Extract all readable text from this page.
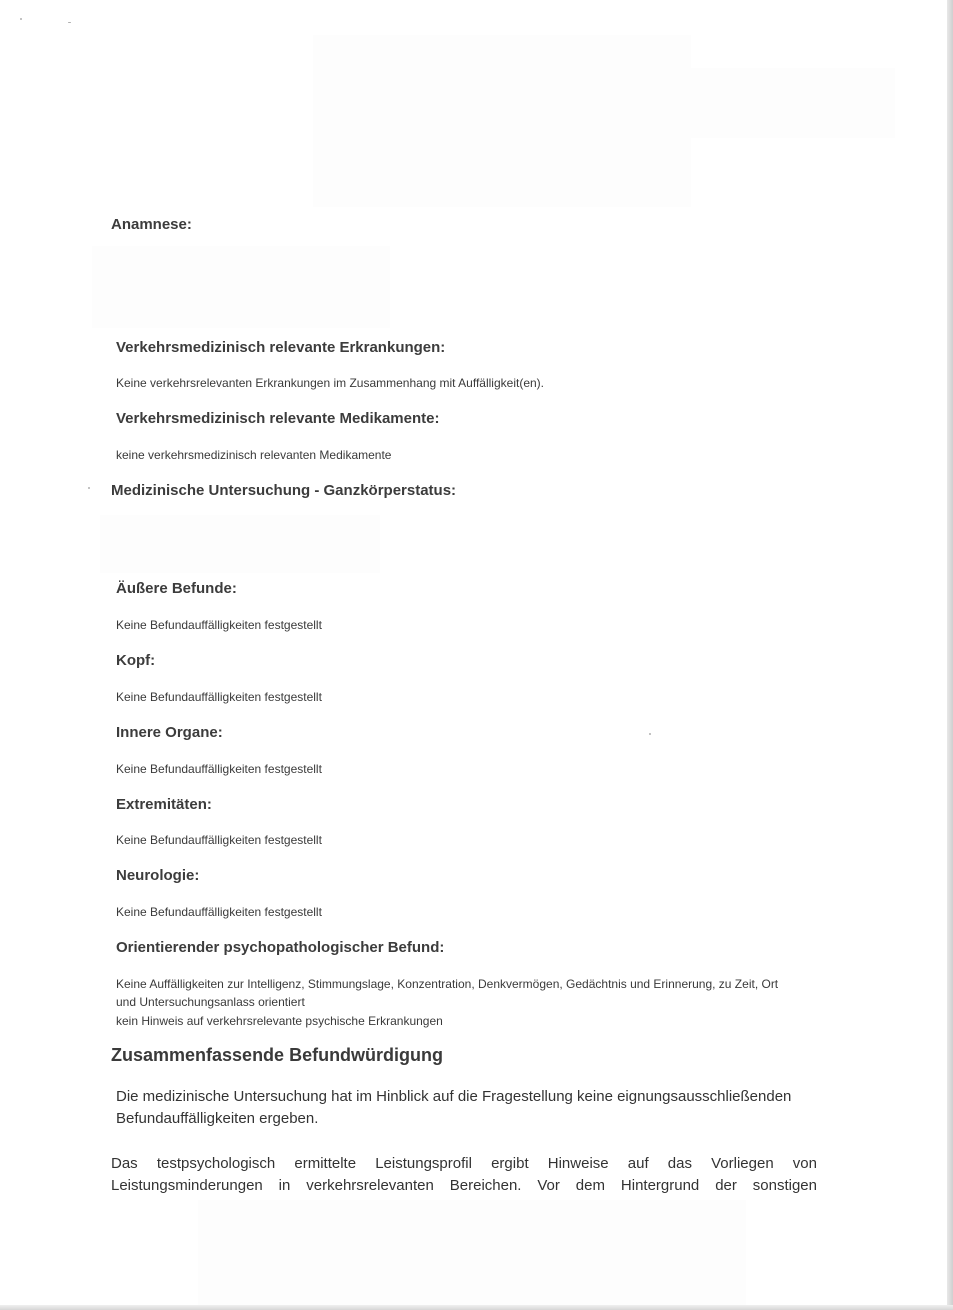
Anamnese:
Verkehrsmedizinisch relevante Erkrankungen:

Keine verkehrsrelevanten Erkrankungen im Zusammenhang mit Auffälligkeit(en).

Verkehrsmedizinisch relevante Medikamente:

keine verkehrsmedizinisch relevanten Medikamente

Medizinische Untersuchung - Ganzkörperstatus:
Äußere Befunde:

Keine Befundauffälligkeiten festgestellt

Kopf:

Keine Befundauffälligkeiten festgestellt

Innere Organe:

Keine Befundauffälligkeiten festgestellt

Extremitäten:

Keine Befundauffälligkeiten festgestellt

Neurologie:

Keine Befundauffälligkeiten festgestellt

Orientierender psychopathologischer Befund:

Keine Auffälligkeiten zur Intelligenz, Stimmungslage, Konzentration, Denkvermögen, Gedächtnis und Erinnerung, zu Zeit, Ort

und Untersuchungsanlass orientiert

kein Hinweis auf verkehrsrelevante psychische Erkrankungen

Zusammenfassende Befundwürdigung
Die medizinische Untersuchung hat im Hinblick auf die Fragestellung keine eignungsausschließenden
Befundauffälligkeiten ergeben.
Das testpsychologisch ermittelte Leistungsprofil ergibt Hinweise auf das Vorliegen von
Leistungsminderungen in verkehrsrelevanten Bereichen. Vor dem Hintergrund der sonstigen
